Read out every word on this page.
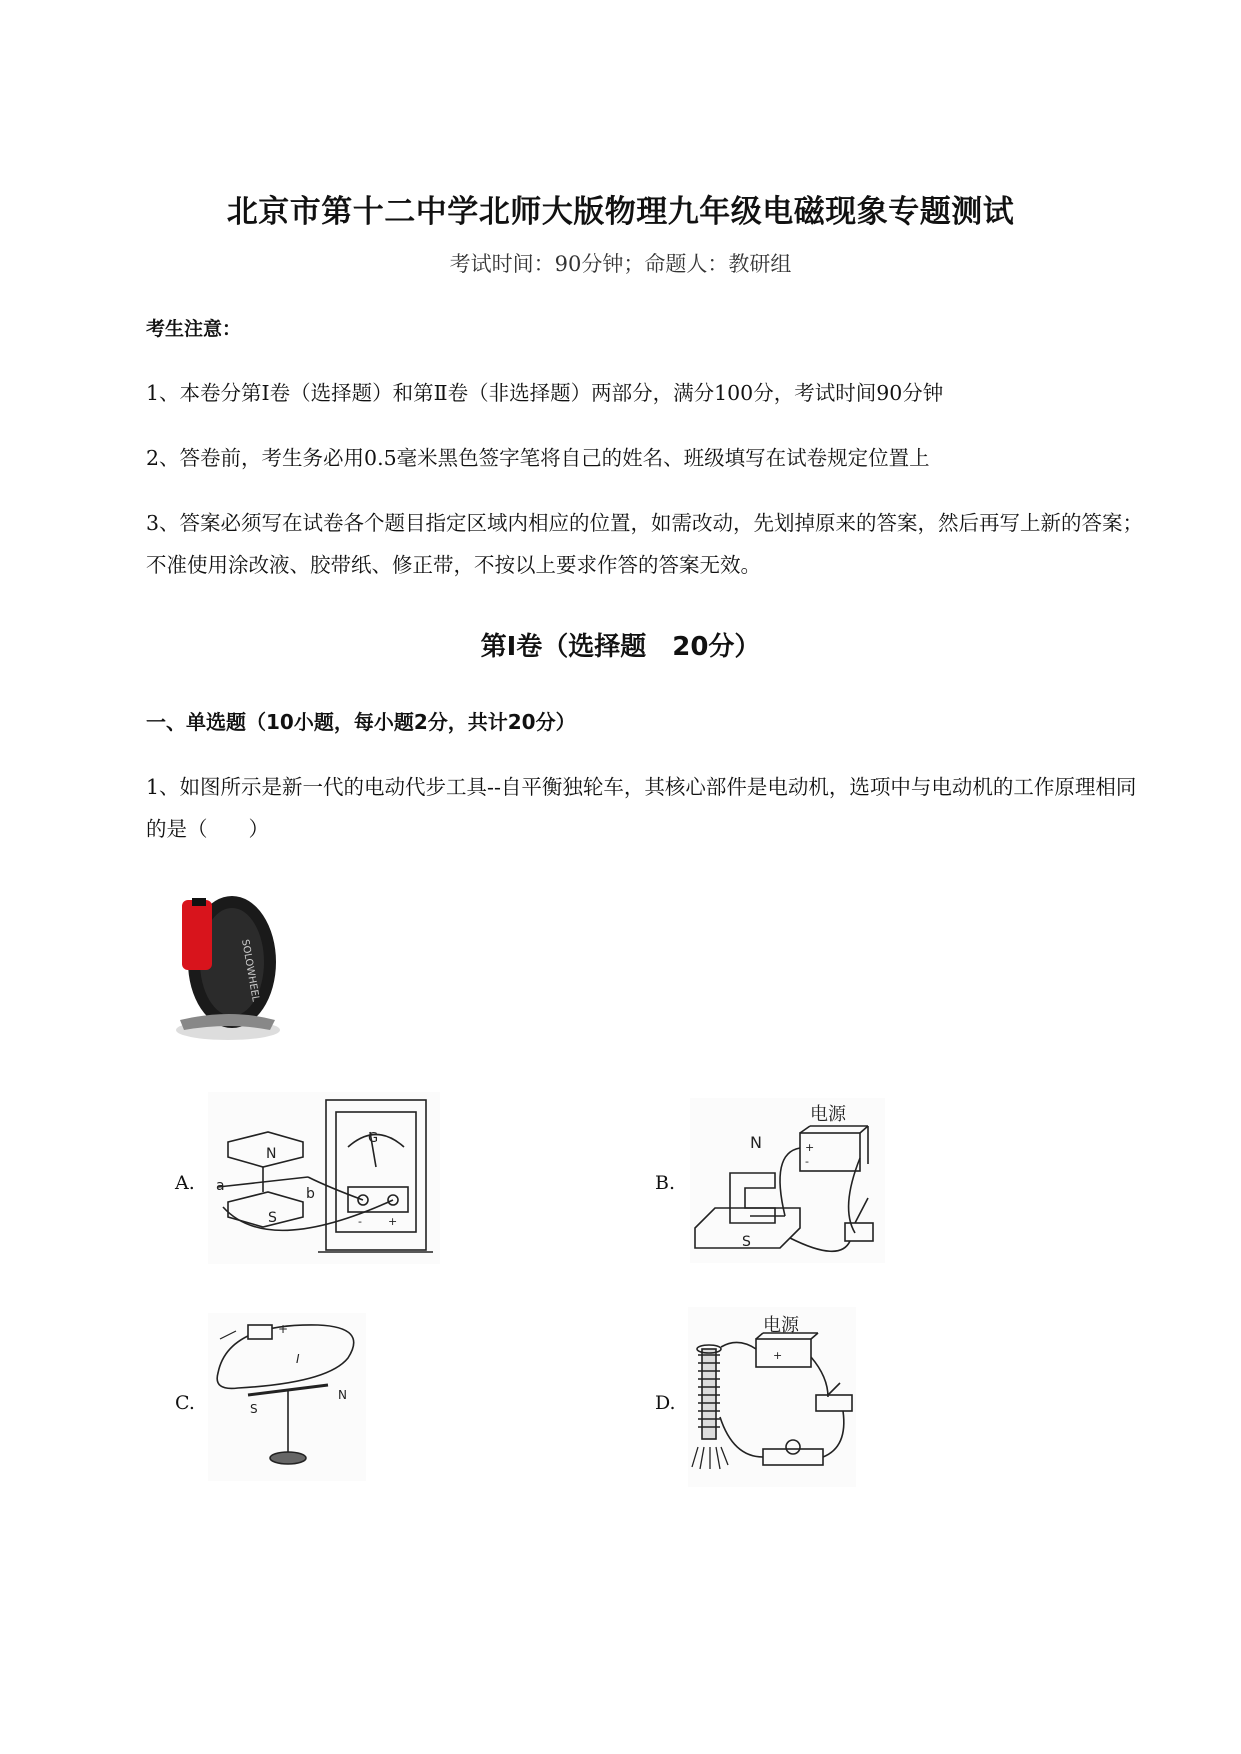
北京市第十二中学北师大版物理九年级电磁现象专题测试
考试时间：90分钟；命题人：教研组
考生注意：
1、本卷分第Ⅰ卷（选择题）和第Ⅱ卷（非选择题）两部分，满分100分，考试时间90分钟
2、答卷前，考生务必用0.5毫米黑色签字笔将自己的姓名、班级填写在试卷规定位置上
3、答案必须写在试卷各个题目指定区域内相应的位置，如需改动，先划掉原来的答案，然后再写上新的答案；不准使用涂改液、胶带纸、修正带，不按以上要求作答的答案无效。
第Ⅰ卷（选择题　20分）
一、单选题（10小题，每小题2分，共计20分）
1、如图所示是新一代的电动代步工具--自平衡独轮车，其核心部件是电动机，选项中与电动机的工作原理相同的是（　　）
SOLOWHEEL
A.
N
S
a	b
G
- +
B.
电源
+
-
N
S
C.
+
I
S
N	D.
电源
+
